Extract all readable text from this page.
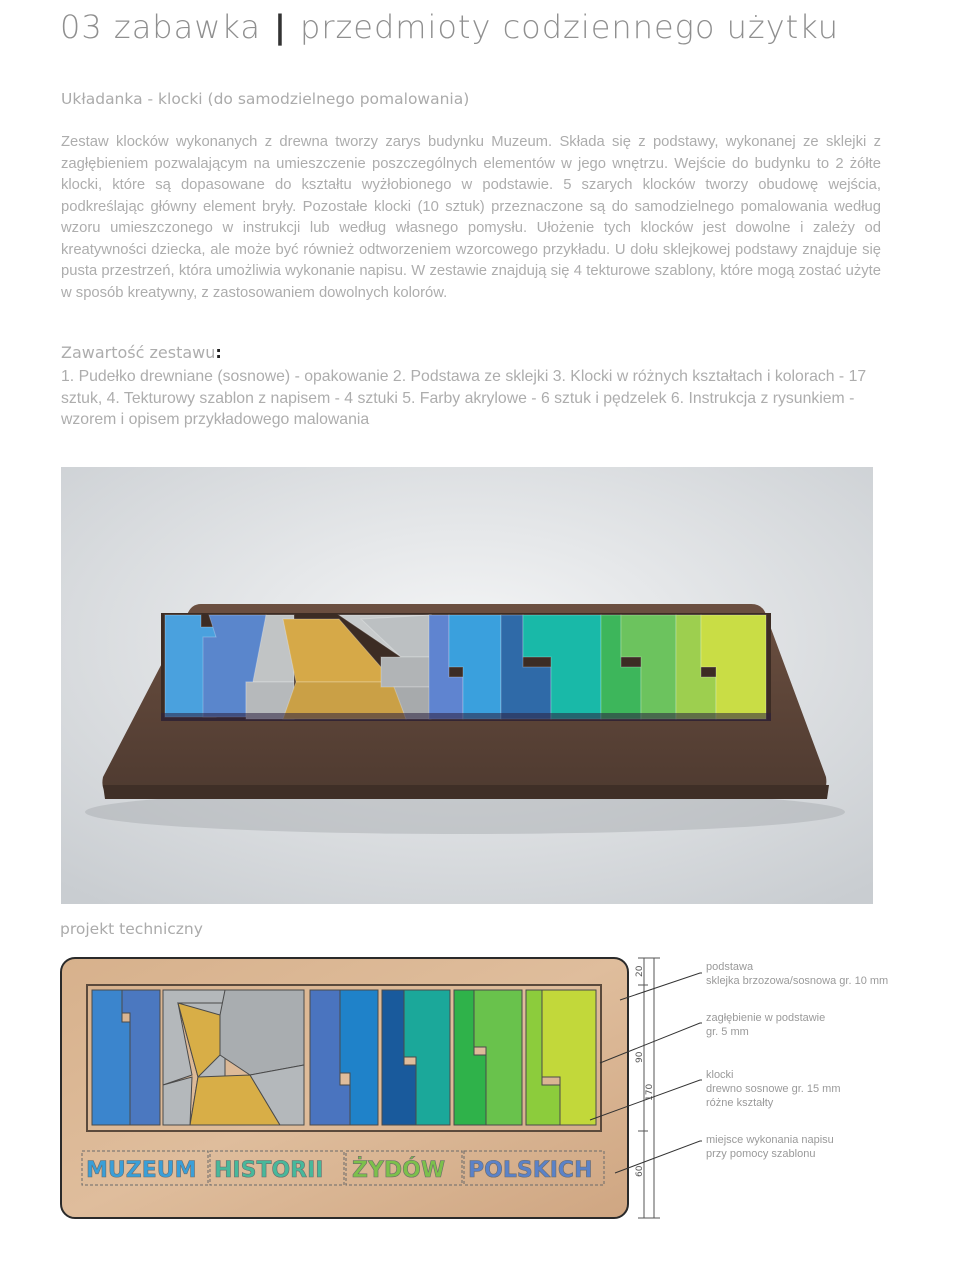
03 zabawka | przedmioty codziennego użytku
Układanka - klocki (do samodzielnego pomalowania)
Zestaw klocków wykonanych z drewna tworzy zarys budynku Muzeum. Składa się z podstawy, wykonanej ze sklejki z zagłębieniem pozwalającym na umieszczenie poszczególnych elementów w jego wnętrzu. Wejście do budynku to 2 żółte klocki, które są dopasowane do kształtu wyżłobionego w podstawie. 5 szarych klocków tworzy obudowę wejścia, podkreślając główny element bryły. Pozostałe klocki (10 sztuk) przeznaczone są do samodzielnego pomalowania według wzoru umieszczonego w instrukcji lub według własnego pomysłu. Ułożenie tych klocków jest dowolne i zależy od kreatywności dziecka, ale może być również odtworzeniem wzorcowego przykładu. U dołu sklejkowej podstawy znajduje się pusta przestrzeń, która umożliwia wykonanie napisu. W zestawie znajdują się 4 tekturowe szablony, które mogą zostać użyte w sposób kreatywny, z zastosowaniem dowolnych kolorów.
Zawartość zestawu:
1. Pudełko drewniane (sosnowe) - opakowanie 2. Podstawa ze sklejki 3. Klocki w różnych kształtach i kolorach - 17 sztuk, 4. Tekturowy szablon z napisem - 4 sztuki 5. Farby akrylowe - 6 sztuk i pędzelek 6. Instrukcja z rysunkiem - wzorem i opisem przykładowego malowania
projekt techniczny
MUZEUM HISTORII ŻYDÓW POLSKICH
20
90
170
60
podstawa
sklejka brzozowa/sosnowa gr. 10 mm
zagłębienie w podstawie
gr. 5 mm
klocki
drewno sosnowe gr. 15 mm
różne kształty
miejsce wykonania napisu
przy pomocy szablonu
